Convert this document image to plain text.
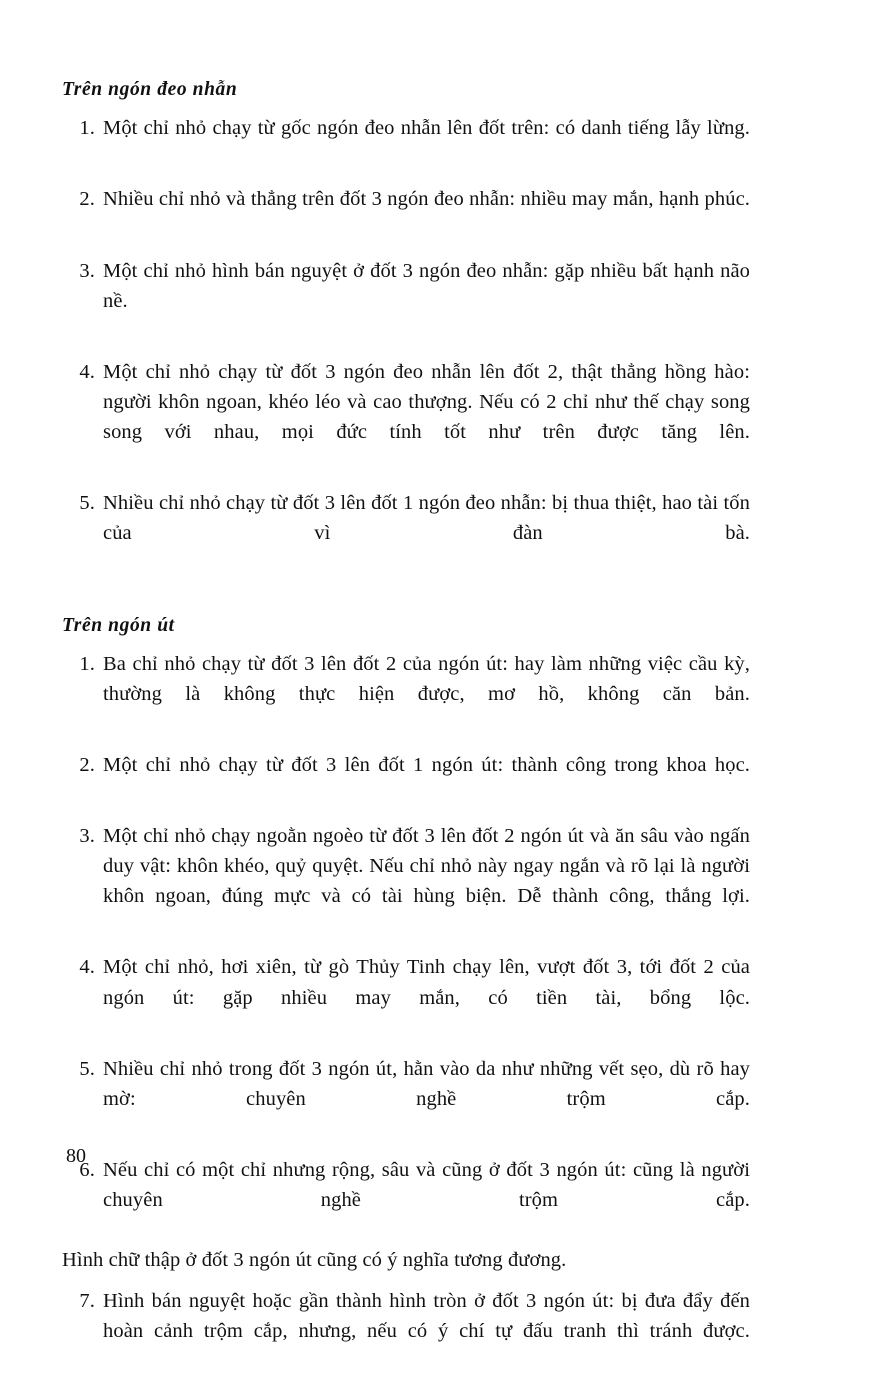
Trên ngón đeo nhẫn
1. Một chỉ nhỏ chạy từ gốc ngón đeo nhẫn lên đốt trên: có danh tiếng lẫy lừng.
2. Nhiều chỉ nhỏ và thẳng trên đốt 3 ngón đeo nhẫn: nhiều may mắn, hạnh phúc.
3. Một chỉ nhỏ hình bán nguyệt ở đốt 3 ngón đeo nhẫn: gặp nhiều bất hạnh não nề.
4. Một chỉ nhỏ chạy từ đốt 3 ngón đeo nhẫn lên đốt 2, thật thẳng hồng hào: người khôn ngoan, khéo léo và cao thượng. Nếu có 2 chỉ như thế chạy song song với nhau, mọi đức tính tốt như trên được tăng lên.
5. Nhiều chỉ nhỏ chạy từ đốt 3 lên đốt 1 ngón đeo nhẫn: bị thua thiệt, hao tài tốn của vì đàn bà.
Trên ngón út
1. Ba chỉ nhỏ chạy từ đốt 3 lên đốt 2 của ngón út: hay làm những việc cầu kỳ, thường là không thực hiện được, mơ hồ, không căn bản.
2. Một chỉ nhỏ chạy từ đốt 3 lên đốt 1 ngón út: thành công trong khoa học.
3. Một chỉ nhỏ chạy ngoằn ngoèo từ đốt 3 lên đốt 2 ngón út và ăn sâu vào ngấn duy vật: khôn khéo, quỷ quyệt. Nếu chỉ nhỏ này ngay ngắn và rõ lại là người khôn ngoan, đúng mực và có tài hùng biện. Dễ thành công, thắng lợi.
4. Một chỉ nhỏ, hơi xiên, từ gò Thủy Tinh chạy lên, vượt đốt 3, tới đốt 2 của ngón út: gặp nhiều may mắn, có tiền tài, bổng lộc.
5. Nhiều chỉ nhỏ trong đốt 3 ngón út, hằn vào da như những vết sẹo, dù rõ hay mờ: chuyên nghề trộm cắp.
6. Nếu chỉ có một chỉ nhưng rộng, sâu và cũng ở đốt 3 ngón út: cũng là người chuyên nghề trộm cắp.

Hình chữ thập ở đốt 3 ngón út cũng có ý nghĩa tương đương.

7. Hình bán nguyệt hoặc gần thành hình tròn ở đốt 3 ngón út: bị đưa đẩy đến hoàn cảnh trộm cắp, nhưng, nếu có ý chí tự đấu tranh thì tránh được.
80
